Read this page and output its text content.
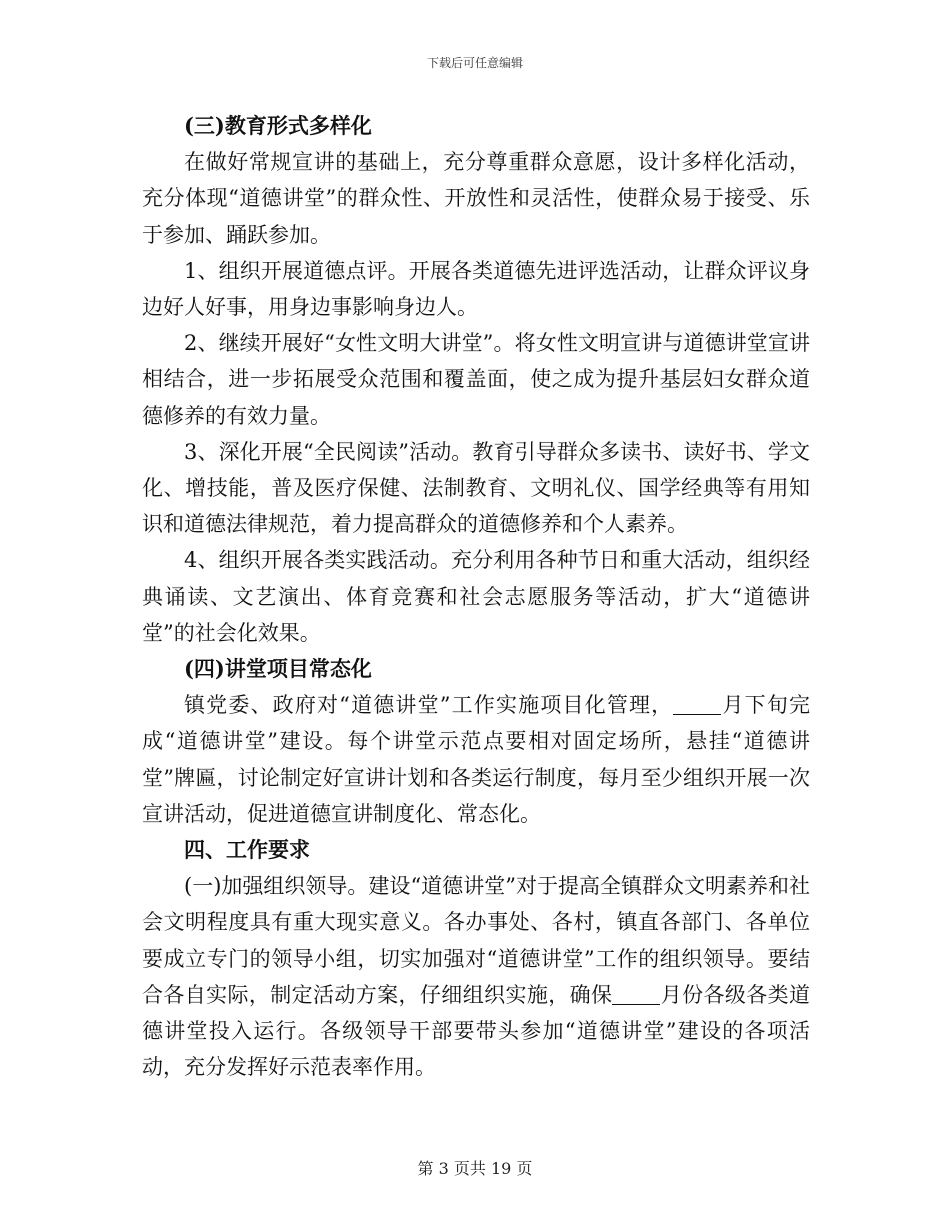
下载后可任意编辑

(三)教育形式多样化

在做好常规宣讲的基础上，充分尊重群众意愿，设计多样化活动，充分体现“道德讲堂”的群众性、开放性和灵活性，使群众易于接受、乐于参加、踊跃参加。

1、组织开展道德点评。开展各类道德先进评选活动，让群众评议身边好人好事，用身边事影响身边人。

2、继续开展好“女性文明大讲堂”。将女性文明宣讲与道德讲堂宣讲相结合，进一步拓展受众范围和覆盖面，使之成为提升基层妇女群众道德修养的有效力量。

3、深化开展“全民阅读”活动。教育引导群众多读书、读好书、学文化、增技能，普及医疗保健、法制教育、文明礼仪、国学经典等有用知识和道德法律规范，着力提高群众的道德修养和个人素养。

4、组织开展各类实践活动。充分利用各种节日和重大活动，组织经典诵读、文艺演出、体育竞赛和社会志愿服务等活动，扩大“道德讲堂”的社会化效果。

(四)讲堂项目常态化

镇党委、政府对“道德讲堂”工作实施项目化管理， 月下旬完成“道德讲堂”建设。每个讲堂示范点要相对固定场所，悬挂“道德讲堂”牌匾，讨论制定好宣讲计划和各类运行制度，每月至少组织开展一次宣讲活动，促进道德宣讲制度化、常态化。

四、工作要求

(一)加强组织领导。建设“道德讲堂”对于提高全镇群众文明素养和社会文明程度具有重大现实意义。各办事处、各村，镇直各部门、各单位要成立专门的领导小组，切实加强对“道德讲堂”工作的组织领导。要结合各自实际，制定活动方案，仔细组织实施，确保 月份各级各类道德讲堂投入运行。各级领导干部要带头参加“道德讲堂”建设的各项活动，充分发挥好示范表率作用。

第 3 页共 19 页
